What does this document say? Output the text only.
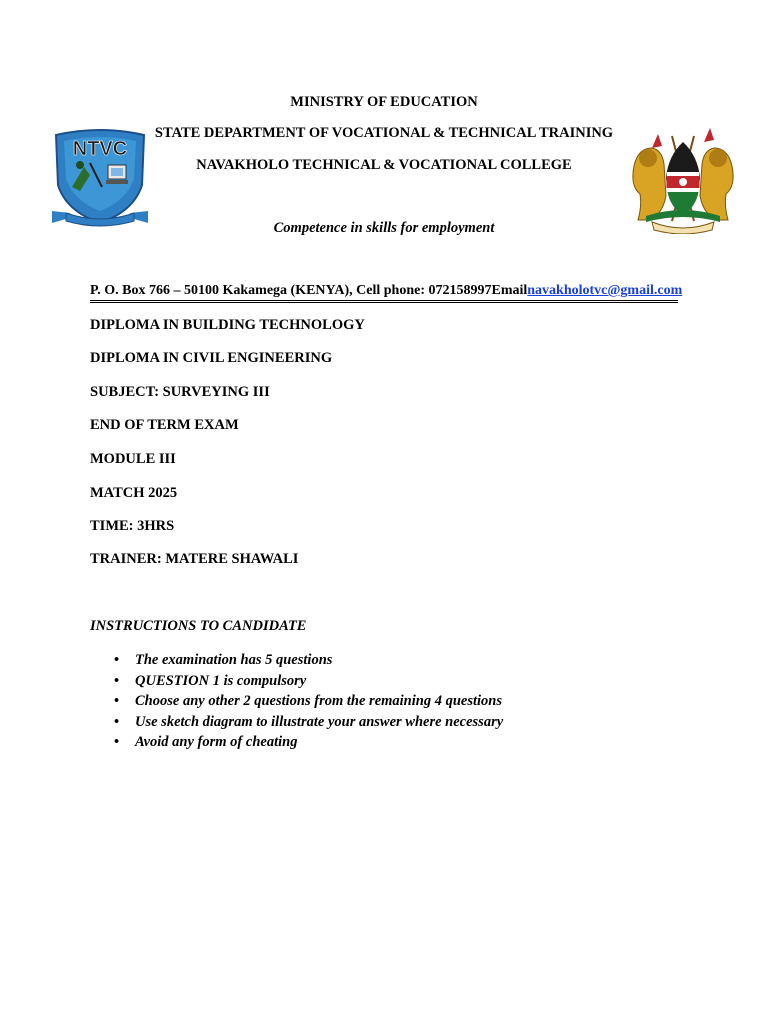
NTVC
MINISTRY OF EDUCATION
STATE DEPARTMENT OF VOCATIONAL & TECHNICAL TRAINING
NAVAKHOLO TECHNICAL & VOCATIONAL COLLEGE
Competence in skills for employment
P. O. Box 766 – 50100 Kakamega (KENYA), Cell phone: 072158997Emailnavakholotvc@gmail.com
DIPLOMA IN BUILDING TECHNOLOGY
DIPLOMA IN CIVIL ENGINEERING
SUBJECT: SURVEYING III
END OF TERM EXAM
MODULE III
MATCH 2025
TIME: 3HRS
TRAINER: MATERE SHAWALI
INSTRUCTIONS TO CANDIDATE
• The examination has 5 questions
• QUESTION 1 is compulsory
• Choose any other 2 questions from the remaining 4 questions
• Use sketch diagram to illustrate your answer where necessary
• Avoid any form of cheating
